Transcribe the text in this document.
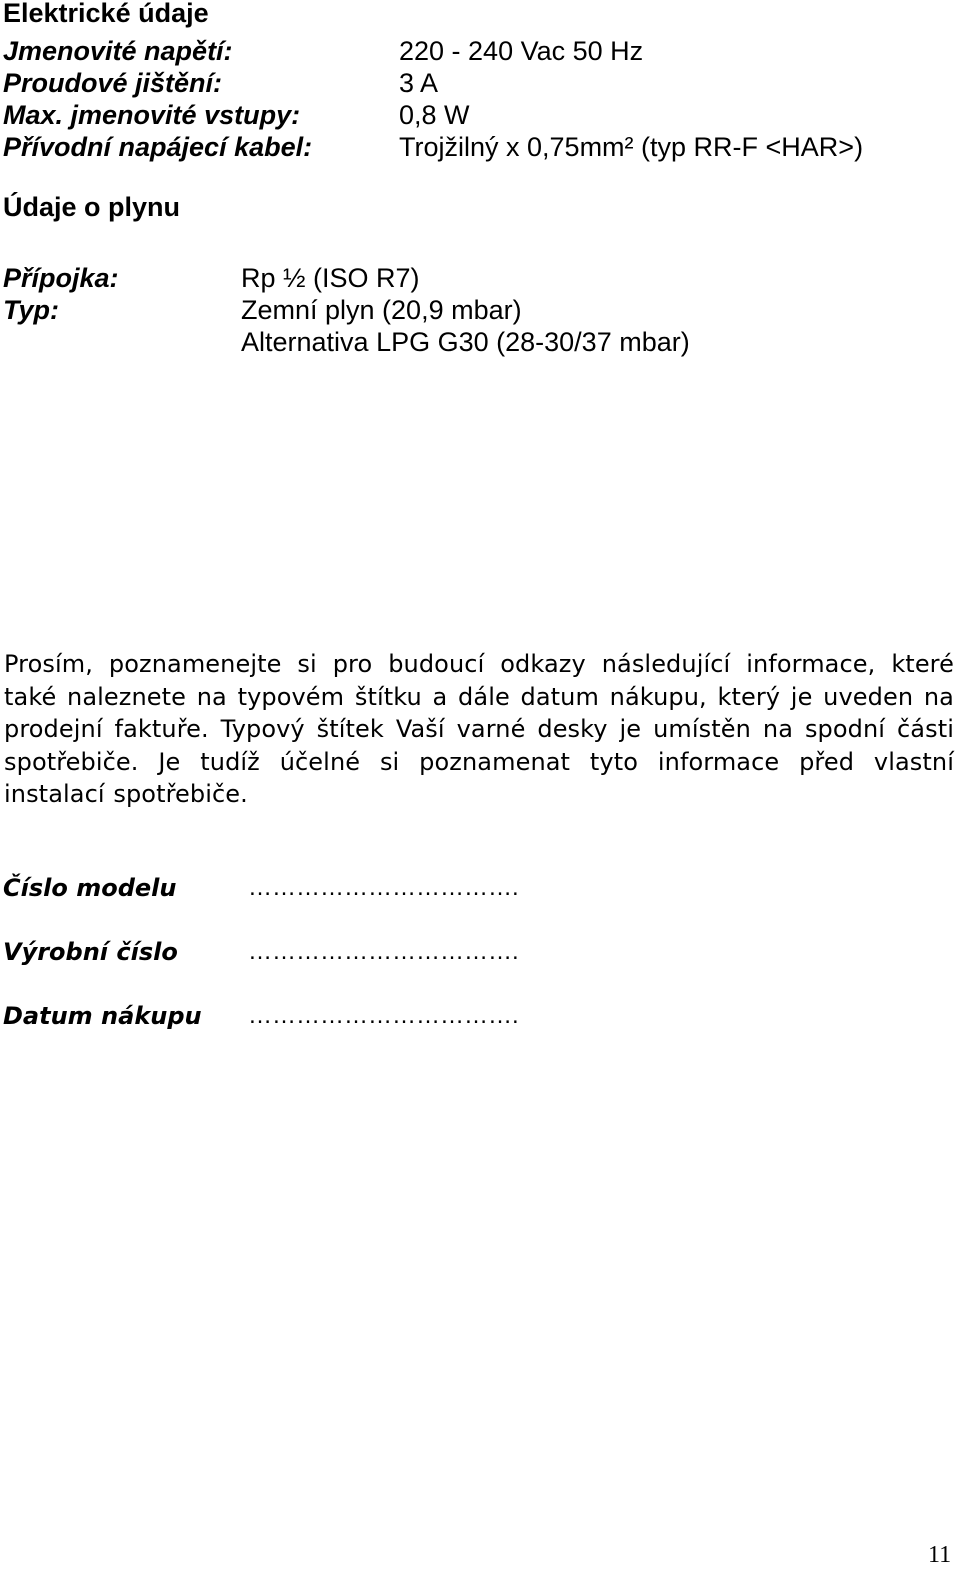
Elektrické údaje
Jmenovité napětí:	220 - 240 Vac 50 Hz
Proudové jištění:	3 A
Max. jmenovité vstupy:	0,8 W
Přívodní napájecí kabel:	Trojžilný x 0,75mm² (typ RR-F <HAR>)
Údaje o plynu
Přípojka:	Rp ½ (ISO R7)
Typ:	Zemní plyn (20,9 mbar)
Alternativa LPG G30 (28-30/37 mbar)
Prosím, poznamenejte si pro budoucí odkazy následující informace, které také naleznete na typovém štítku a dále datum nákupu, který je uveden na prodejní faktuře. Typový štítek Vaší varné desky je umístěn na spodní části spotřebiče. Je tudíž účelné si poznamenat tyto informace před vlastní instalací spotřebiče.
Číslo modelu	…………………………….
Výrobní číslo	…………………………….
Datum nákupu …………………………….
11
